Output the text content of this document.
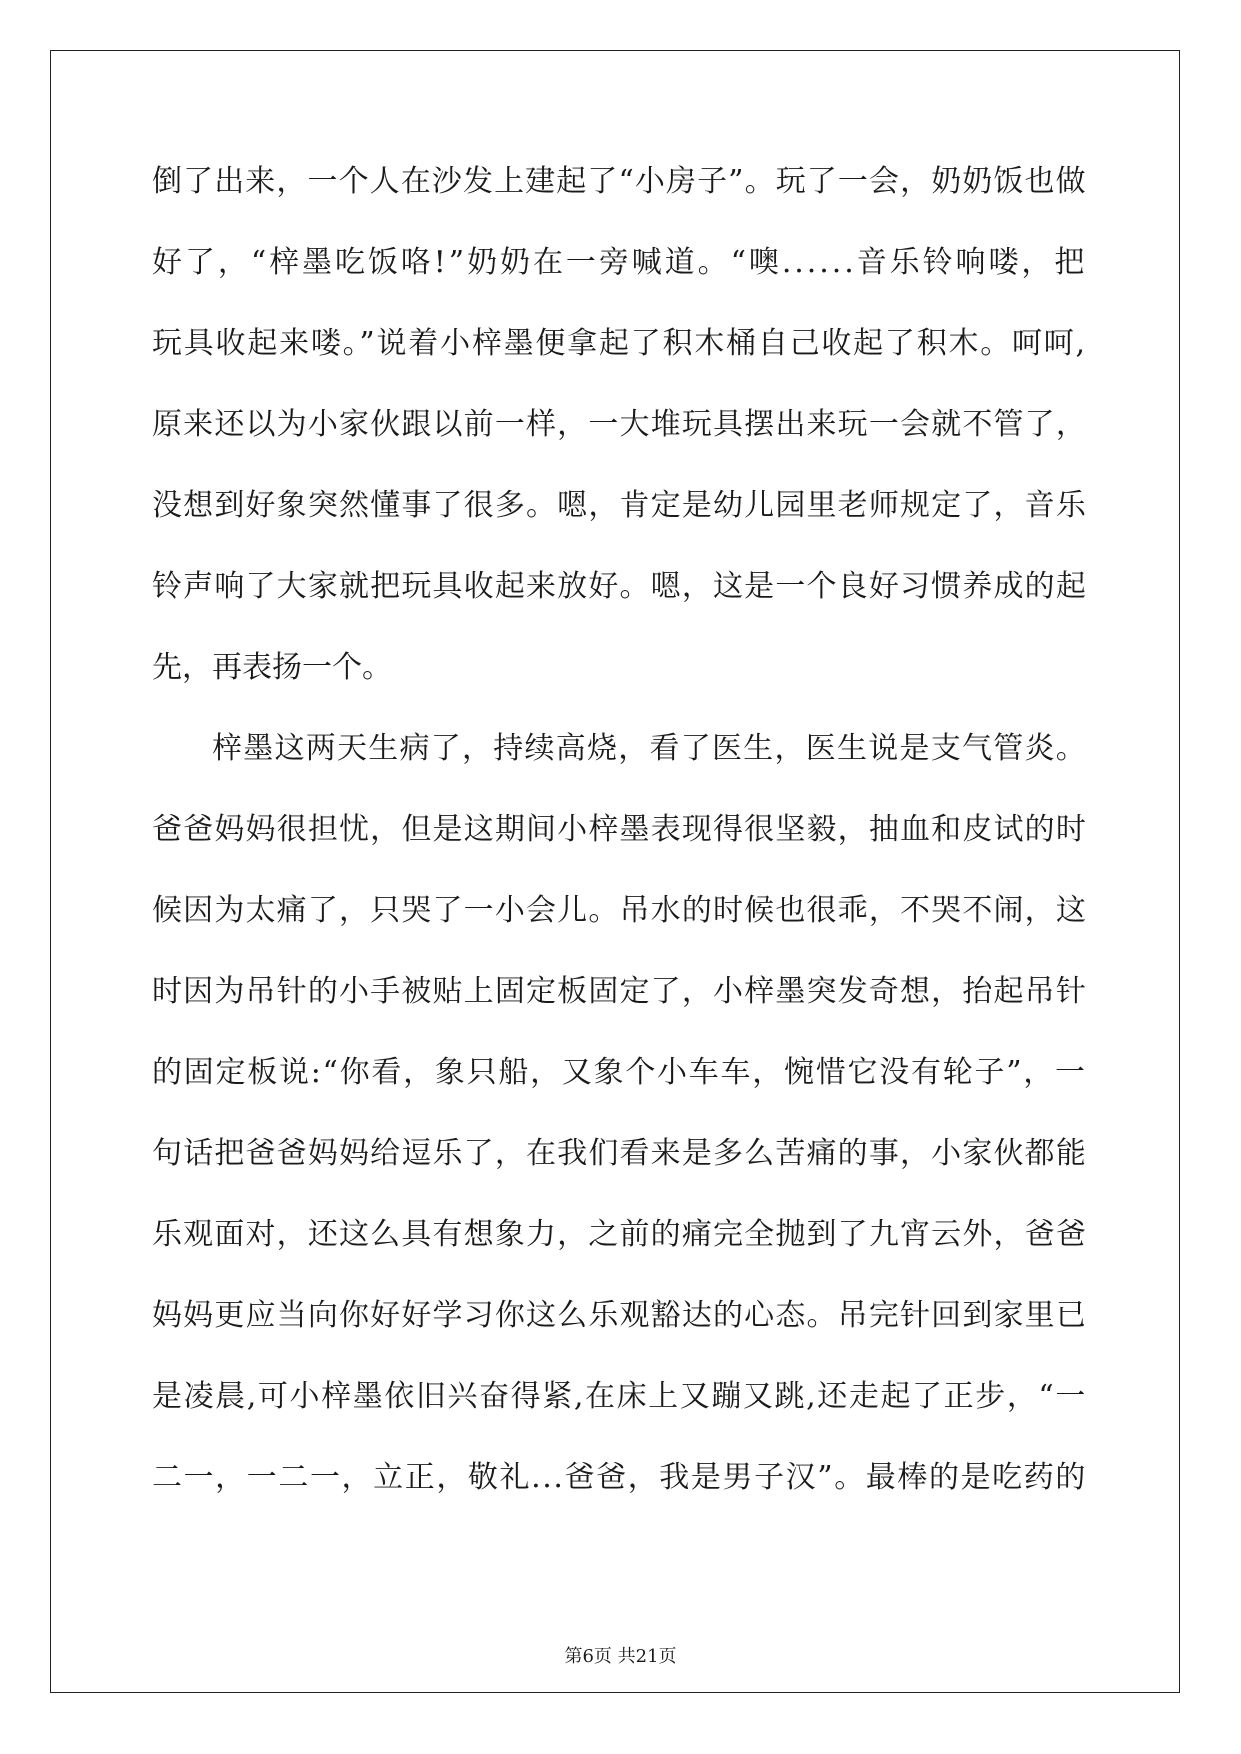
倒了出来，一个人在沙发上建起了“小房子”。玩了一会，奶奶饭也做
好了，“梓墨吃饭咯!”奶奶在一旁喊道。“噢......音乐铃响喽，把
玩具收起来喽。”说着小梓墨便拿起了积木桶自己收起了积木。呵呵,
原来还以为小家伙跟以前一样，一大堆玩具摆出来玩一会就不管了，
没想到好象突然懂事了很多。嗯，肯定是幼儿园里老师规定了，音乐
铃声响了大家就把玩具收起来放好。嗯，这是一个良好习惯养成的起
先，再表扬一个。
梓墨这两天生病了，持续高烧，看了医生，医生说是支气管炎。
爸爸妈妈很担忧，但是这期间小梓墨表现得很坚毅，抽血和皮试的时
候因为太痛了，只哭了一小会儿。吊水的时候也很乖，不哭不闹，这
时因为吊针的小手被贴上固定板固定了，小梓墨突发奇想，抬起吊针
的固定板说:“你看，象只船，又象个小车车，惋惜它没有轮子”，一
句话把爸爸妈妈给逗乐了，在我们看来是多么苦痛的事，小家伙都能
乐观面对，还这么具有想象力，之前的痛完全抛到了九宵云外，爸爸
妈妈更应当向你好好学习你这么乐观豁达的心态。吊完针回到家里已
是凌晨,可小梓墨依旧兴奋得紧,在床上又蹦又跳,还走起了正步，“一
二一，一二一，立正，敬礼...爸爸，我是男子汉”。最棒的是吃药的
第6页 共21页
